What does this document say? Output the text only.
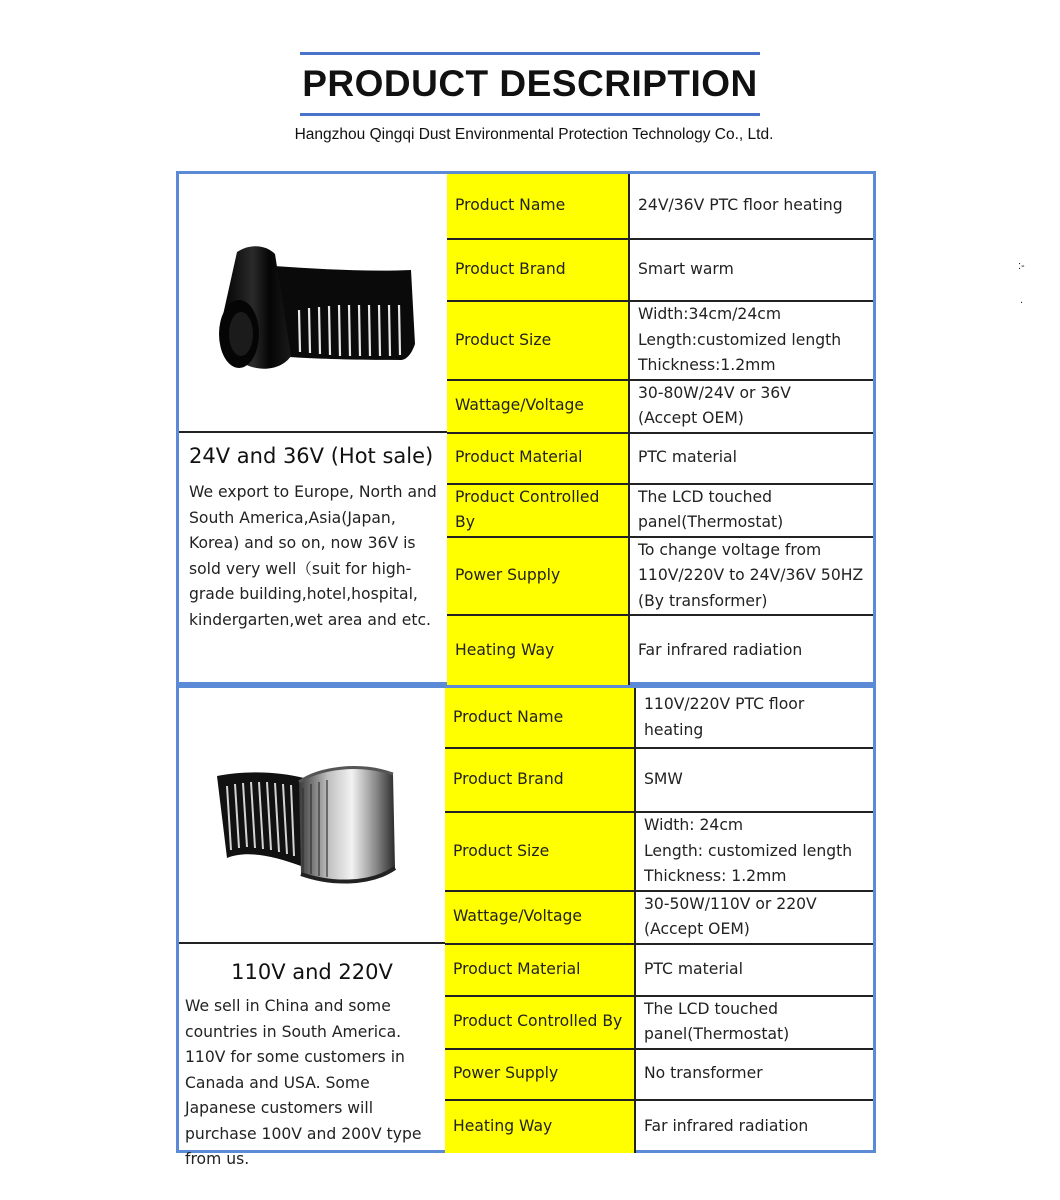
PRODUCT DESCRIPTION
Hangzhou Qingqi Dust Environmental Protection Technology Co., Ltd.
:-
.
24V and 36V (Hot sale)
We export to Europe, North and South America,Asia(Japan, Korea) and so on, now 36V is sold very well（suit for high-grade building,hotel,hospital, kindergarten,wet area and etc.
Product Name	24V/36V PTC floor heating

Product Brand	Smart warm

Product Size	Width:34cm/24cm
Length:customized length
Thickness:1.2mm

Wattage/Voltage	30-80W/24V or 36V
(Accept OEM)

Product Material	PTC material

Product Controlled By	The LCD touched
panel(Thermostat)

Power Supply	To change voltage from
110V/220V to 24V/36V 50HZ
(By transformer)

Heating Way	Far infrared radiation
110V and 220V
We sell in China and some countries in South America. 110V for some customers in Canada and USA. Some Japanese customers will purchase 100V and 200V type from us.
Product Name	110V/220V PTC floor heating

Product Brand	SMW

Product Size	Width: 24cm
Length: customized length
Thickness: 1.2mm

Wattage/Voltage	30-50W/110V or 220V
(Accept OEM)

Product Material	PTC material

Product Controlled By	The LCD touched
panel(Thermostat)

Power Supply	No transformer

Heating Way	Far infrared radiation
